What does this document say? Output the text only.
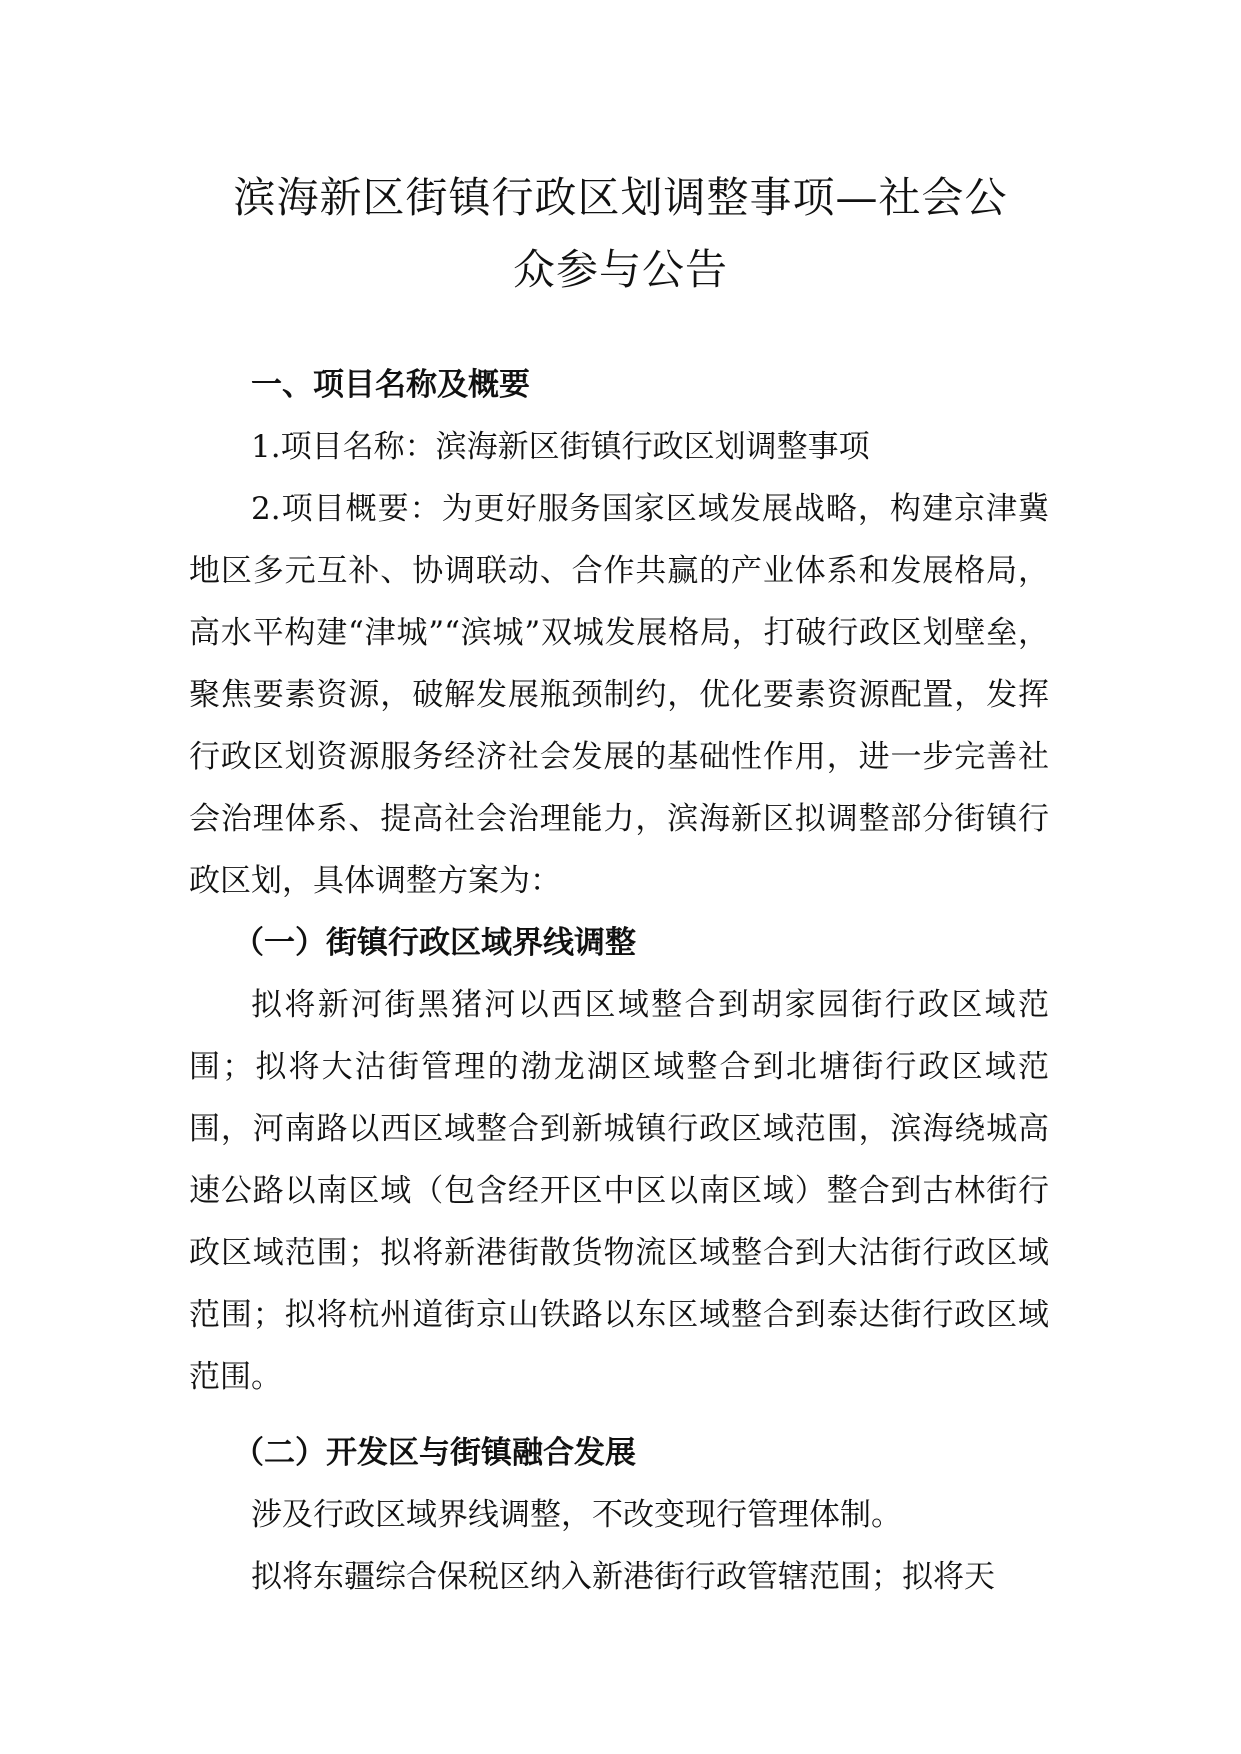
滨海新区街镇行政区划调整事项—社会公
众参与公告
一、项目名称及概要

1.项目名称：滨海新区街镇行政区划调整事项

2.项目概要：为更好服务国家区域发展战略，构建京津冀地区多元互补、协调联动、合作共赢的产业体系和发展格局，高水平构建“津城”“滨城”双城发展格局，打破行政区划壁垒，聚焦要素资源，破解发展瓶颈制约，优化要素资源配置，发挥行政区划资源服务经济社会发展的基础性作用，进一步完善社会治理体系、提高社会治理能力，滨海新区拟调整部分街镇行政区划，具体调整方案为：

（一）街镇行政区域界线调整

拟将新河街黑猪河以西区域整合到胡家园街行政区域范围；拟将大沽街管理的渤龙湖区域整合到北塘街行政区域范围，河南路以西区域整合到新城镇行政区域范围，滨海绕城高速公路以南区域（包含经开区中区以南区域）整合到古林街行政区域范围；拟将新港街散货物流区域整合到大沽街行政区域范围；拟将杭州道街京山铁路以东区域整合到泰达街行政区域范围。

（二）开发区与街镇融合发展

涉及行政区域界线调整，不改变现行管理体制。

拟将东疆综合保税区纳入新港街行政管辖范围；拟将天
